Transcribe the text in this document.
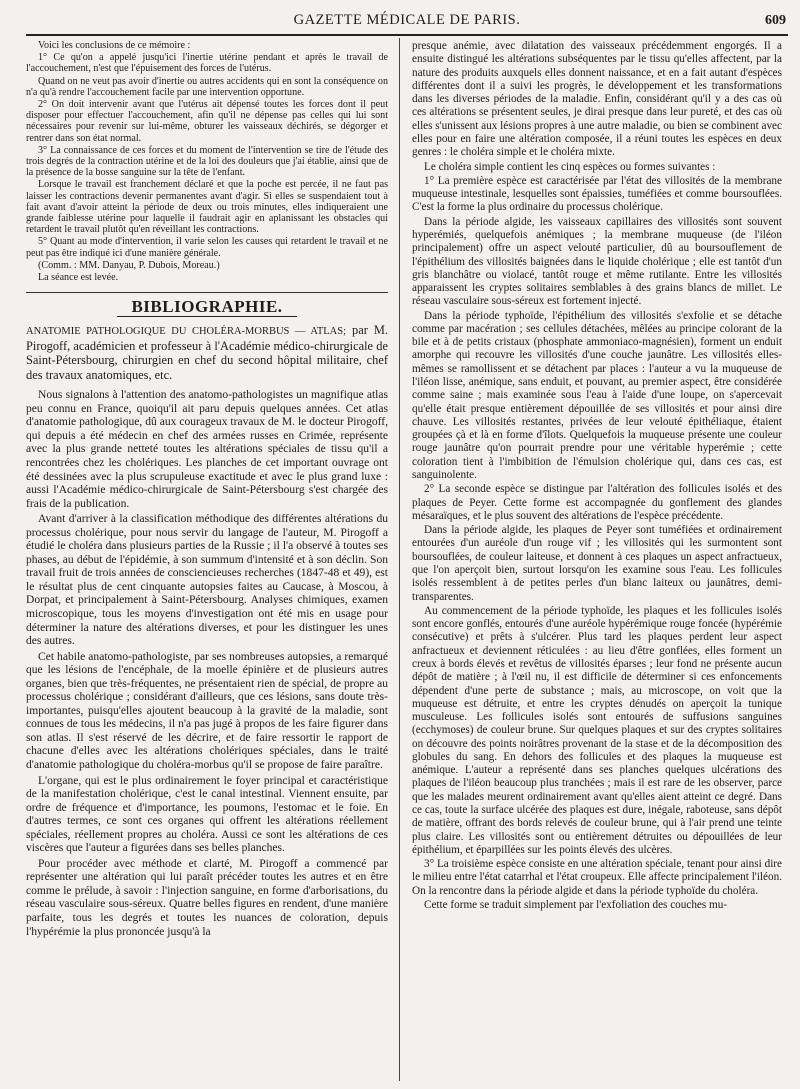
GAZETTE MÉDICALE DE PARIS.	609

Voici les conclusions de ce mémoire :

1° Ce qu'on a appelé jusqu'ici l'inertie utérine pendant et après le travail de l'accouchement, n'est que l'épuisement des forces de l'utérus.

Quand on ne veut pas avoir d'inertie ou autres accidents qui en sont la conséquence on n'a qu'à rendre l'accouchement facile par une intervention opportune.

2° On doit intervenir avant que l'utérus ait dépensé toutes les forces dont il peut disposer pour effectuer l'accouchement, afin qu'il ne dépense pas celles qui lui sont nécessaires pour revenir sur lui-même, obturer les vaisseaux déchirés, se dégorger et rentrer dans son état normal.

3° La connaissance de ces forces et du moment de l'intervention se tire de l'étude des trois degrés de la contraction utérine et de la loi des douleurs que j'ai établie, ainsi que de la présence de la bosse sanguine sur la tête de l'enfant.

Lorsque le travail est franchement déclaré et que la poche est percée, il ne faut pas laisser les contractions devenir permanentes avant d'agir. Si elles se suspendaient tout à fait avant d'avoir atteint la période de deux ou trois minutes, elles indiqueraient une grande faiblesse utérine pour laquelle il faudrait agir en aplanissant les obstacles qui retardent le travail plutôt qu'en réveillant les contractions.

5° Quant au mode d'intervention, il varie selon les causes qui retardent le travail et ne peut pas être indiqué ici d'une manière générale.

(Comm. : MM. Danyau, P. Dubois, Moreau.)

La séance est levée.

BIBLIOGRAPHIE.

ANATOMIE PATHOLOGIQUE DU CHOLÉRA-MORBUS — ATLAS; par M. Pirogoff, académicien et professeur à l'Académie médico-chirurgicale de Saint-Pétersbourg, chirurgien en chef du second hôpital militaire, chef des travaux anatomiques, etc.

Nous signalons à l'attention des anatomo-pathologistes un magnifique atlas peu connu en France, quoiqu'il ait paru depuis quelques années. Cet atlas d'anatomie pathologique, dû aux courageux travaux de M. le docteur Pirogoff, qui depuis a été médecin en chef des armées russes en Crimée, représente avec la plus grande netteté toutes les altérations spéciales de tissu qu'il a rencontrées chez les cholériques. Les planches de cet important ouvrage ont été dessinées avec la plus scrupuleuse exactitude et avec le plus grand luxe : aussi l'Académie médico-chirurgicale de Saint-Pétersbourg s'est chargée des frais de la publication.

Avant d'arriver à la classification méthodique des différentes altérations du processus cholérique, pour nous servir du langage de l'auteur, M. Pirogoff a étudié le choléra dans plusieurs parties de la Russie ; il l'a observé à toutes ses phases, au début de l'épidémie, à son summum d'intensité et à son déclin. Son travail fruit de trois années de consciencieuses recherches (1847-48 et 49), est le résultat plus de cent cinquante autopsies faites au Caucase, à Moscou, à Dorpat, et principalement à Saint-Pétersbourg. Analyses chimiques, examen microscopique, tous les moyens d'investigation ont été mis en usage pour déterminer la nature des altérations diverses, et pour les distinguer les unes des autres.

Cet habile anatomo-pathologiste, par ses nombreuses autopsies, a remarqué que les lésions de l'encéphale, de la moelle épinière et de plusieurs autres organes, bien que très-fréquentes, ne présentaient rien de spécial, de propre au processus cholérique ; considérant d'ailleurs, que ces lésions, sans doute très-importantes, puisqu'elles ajoutent beaucoup à la gravité de la maladie, sont connues de tous les médecins, il n'a pas jugé à propos de les faire figurer dans son atlas. Il s'est réservé de les décrire, et de faire ressortir le rapport de chacune d'elles avec les altérations cholériques spéciales, dans le traité d'anatomie pathologique du choléra-morbus qu'il se propose de faire paraître.

L'organe, qui est le plus ordinairement le foyer principal et caractéristique de la manifestation cholérique, c'est le canal intestinal. Viennent ensuite, par ordre de fréquence et d'importance, les poumons, l'estomac et le foie. En d'autres termes, ce sont ces organes qui offrent les altérations réellement spéciales, réellement propres au choléra. Aussi ce sont les altérations de ces viscères que l'auteur a figurées dans ses belles planches.

Pour procéder avec méthode et clarté, M. Pirogoff a commencé par représenter une altération qui lui paraît précéder toutes les autres et en être comme le prélude, à savoir : l'injection sanguine, en forme d'arborisations, du réseau vasculaire sous-séreux. Quatre belles figures en rendent, d'une manière parfaite, tous les degrés et toutes les nuances de coloration, depuis l'hypérémie la plus prononcée jusqu'à la

presque anémie, avec dilatation des vaisseaux précédemment engorgés. Il a ensuite distingué les altérations subséquentes par le tissu qu'elles affectent, par la nature des produits auxquels elles donnent naissance, et en a fait autant d'espèces différentes dont il a suivi les progrès, le développement et les transformations dans les diverses périodes de la maladie. Enfin, considérant qu'il y a des cas où ces altérations se présentent seules, je dirai presque dans leur pureté, et des cas où elles s'unissent aux lésions propres à une autre maladie, ou bien se combinent avec elles pour en faire une altération composée, il a réuni toutes les espèces en deux genres : le choléra simple et le choléra mixte.

Le choléra simple contient les cinq espèces ou formes suivantes :

1° La première espèce est caractérisée par l'état des villosités de la membrane muqueuse intestinale, lesquelles sont épaissies, tuméfiées et comme boursouflées. C'est la forme la plus ordinaire du processus cholérique.

Dans la période algide, les vaisseaux capillaires des villosités sont souvent hyperémiés, quelquefois anémiques ; la membrane muqueuse (de l'iléon principalement) offre un aspect velouté particulier, dû au boursouflement de l'épithélium des villosités baignées dans le liquide cholérique ; elle est tantôt d'un gris blanchâtre ou violacé, tantôt rouge et même rutilante. Entre les villosités apparaissent les cryptes solitaires semblables à des grains blancs de millet. Le réseau vasculaire sous-séreux est fortement injecté.

Dans la période typhoïde, l'épithélium des villosités s'exfolie et se détache comme par macération ; ses cellules détachées, mêlées au principe colorant de la bile et à de petits cristaux (phosphate ammoniaco-magnésien), forment un enduit amorphe qui recouvre les villosités d'une couche jaunâtre. Les villosités elles-mêmes se ramollissent et se détachent par places : l'auteur a vu la muqueuse de l'iléon lisse, anémique, sans enduit, et pouvant, au premier aspect, être considérée comme saine ; mais examinée sous l'eau à l'aide d'une loupe, on s'apercevait qu'elle était presque entièrement dépouillée de ses villosités et pour ainsi dire chauve. Les villosités restantes, privées de leur velouté épithéliaque, étaient groupées çà et là en forme d'îlots. Quelquefois la muqueuse présente une couleur rouge jaunâtre qu'on pourrait prendre pour une véritable hyperémie ; cette coloration tient à l'imbibition de l'émulsion cholérique qui, dans ces cas, est sanguinolente.

2° La seconde espèce se distingue par l'altération des follicules isolés et des plaques de Peyer. Cette forme est accompagnée du gonflement des glandes mésaraïques, et le plus souvent des altérations de l'espèce précédente.

Dans la période algide, les plaques de Peyer sont tuméfiées et ordinairement entourées d'un auréole d'un rouge vif ; les villosités qui les surmontent sont boursouflées, de couleur laiteuse, et donnent à ces plaques un aspect anfractueux, que l'on aperçoit bien, surtout lorsqu'on les examine sous l'eau. Les follicules isolés ressemblent à de petites perles d'un blanc laiteux ou jaunâtres, demi-transparentes.

Au commencement de la période typhoïde, les plaques et les follicules isolés sont encore gonflés, entourés d'une auréole hypérémique rouge foncée (hypérémie consécutive) et prêts à s'ulcérer. Plus tard les plaques perdent leur aspect anfractueux et deviennent réticulées : au lieu d'être gonflées, elles forment un creux à bords élevés et revêtus de villosités éparses ; leur fond ne présente aucun dépôt de matière ; à l'œil nu, il est difficile de déterminer si ces enfoncements dépendent d'une perte de substance ; mais, au microscope, on voit que la muqueuse est détruite, et entre les cryptes dénudés on aperçoit la tunique musculeuse. Les follicules isolés sont entourés de suffusions sanguines (ecchymoses) de couleur brune. Sur quelques plaques et sur des cryptes solitaires on découvre des points noirâtres provenant de la stase et de la décomposition des globules du sang. En dehors des follicules et des plaques la muqueuse est anémique. L'auteur a représenté dans ses planches quelques ulcérations des plaques de l'iléon beaucoup plus tranchées ; mais il est rare de les observer, parce que les malades meurent ordinairement avant qu'elles aient atteint ce degré. Dans ce cas, toute la surface ulcérée des plaques est dure, inégale, raboteuse, sans dépôt de matière, offrant des bords relevés de couleur brune, qui à l'air prend une teinte plus claire. Les villosités sont ou entièrement détruites ou dépouillées de leur épithélium, et éparpillées sur les points élevés des ulcères.

3° La troisième espèce consiste en une altération spéciale, tenant pour ainsi dire le milieu entre l'état catarrhal et l'état croupeux. Elle affecte principalement l'iléon. On la rencontre dans la période algide et dans la période typhoïde du choléra.

Cette forme se traduit simplement par l'exfoliation des couches mu-
